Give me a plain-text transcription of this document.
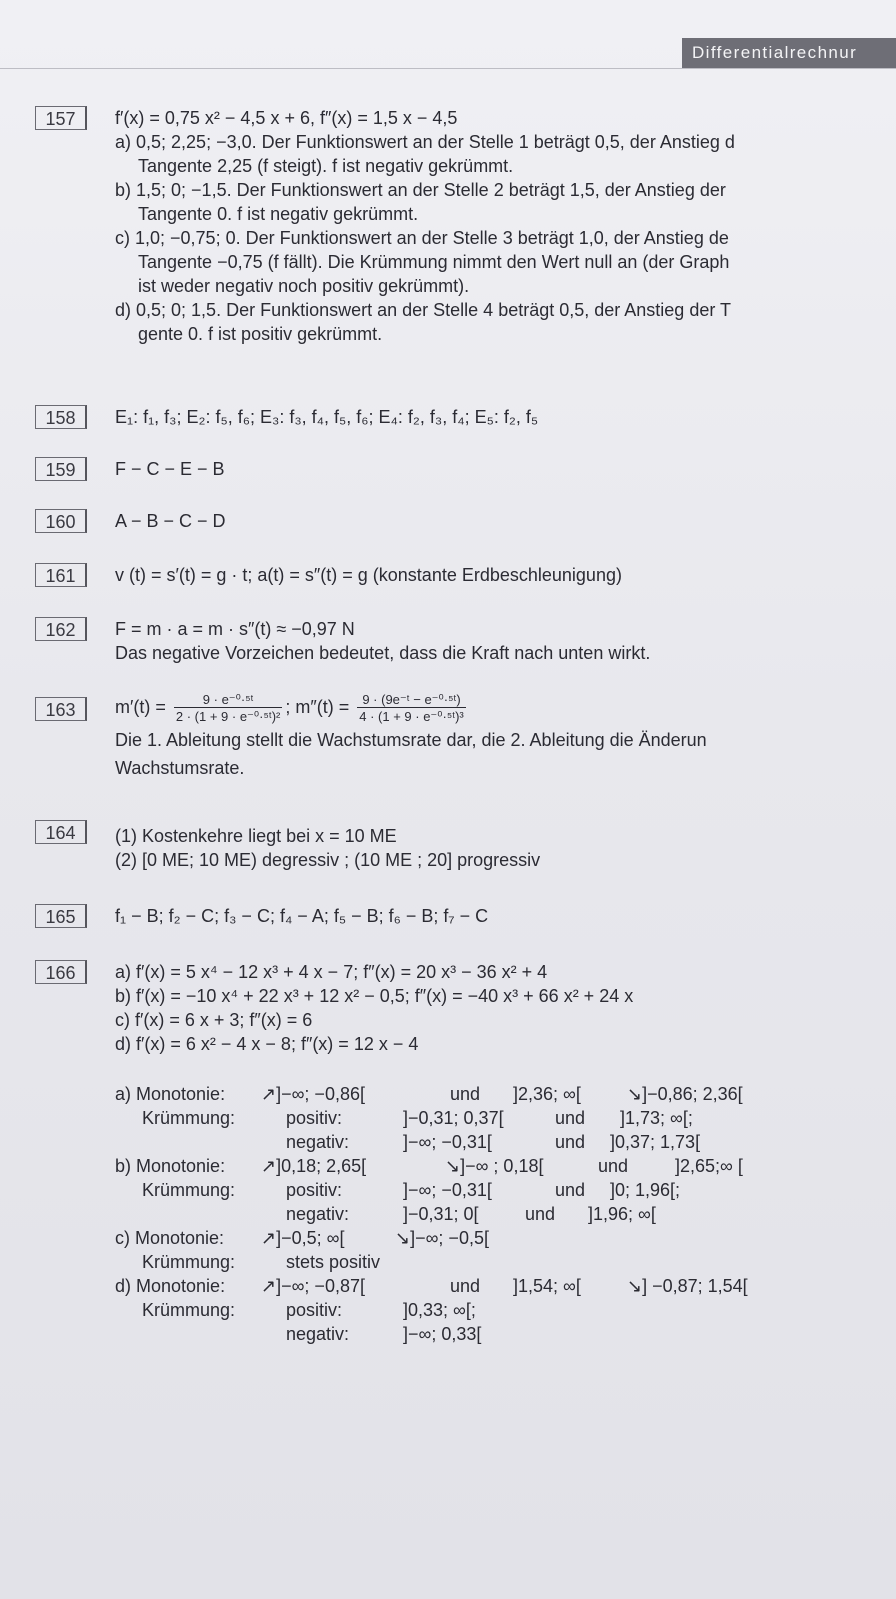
Differentialrechnur
157	f′(x) = 0,75 x² − 4,5 x + 6, f″(x) = 1,5 x − 4,5
a) 0,5; 2,25; −3,0. Der Funktionswert an der Stelle 1 beträgt 0,5, der Anstieg d
Tangente 2,25 (f steigt). f ist negativ gekrümmt.
b) 1,5; 0; −1,5. Der Funktionswert an der Stelle 2 beträgt 1,5, der Anstieg der
Tangente 0. f ist negativ gekrümmt.
c) 1,0; −0,75; 0. Der Funktionswert an der Stelle 3 beträgt 1,0, der Anstieg de
Tangente −0,75 (f fällt). Die Krümmung nimmt den Wert null an (der Graph
ist weder negativ noch positiv gekrümmt).
d) 0,5; 0; 1,5. Der Funktionswert an der Stelle 4 beträgt 0,5, der Anstieg der T
gente 0. f ist positiv gekrümmt.
158	E₁: f₁, f₃; E₂: f₅, f₆; E₃: f₃, f₄, f₅, f₆; E₄: f₂, f₃, f₄; E₅: f₂, f₅
159	F − C − E − B
160	A − B − C − D
161	v (t) = s′(t) = g · t; a(t) = s″(t) = g (konstante Erdbeschleunigung)
162	F = m · a = m · s″(t) ≈ −0,97 N
Das negative Vorzeichen bedeutet, dass die Kraft nach unten wirkt.
163	$m'(t) = \frac{\text{9 · e⁻⁰·⁵ᵗ}}{\text{2 · (1 + 9 · e⁻⁰·⁵ᵗ)²}}$ ; $m''(t) = \frac{\text{9 · (9e⁻ᵗ − e⁻⁰·⁵ᵗ)}}{\text{4 · (1 + 9 · e⁻⁰·⁵ᵗ)³}}$
Die 1. Ableitung stellt die Wachstumsrate dar, die 2. Ableitung die Änderun
Wachstumsrate.
164	(1) Kostenkehre liegt bei x = 10 ME
(2) [0 ME; 10 ME) degressiv ; (10 ME ; 20] progressiv
165	f₁ − B; f₂ − C; f₃ − C; f₄ − A; f₅ − B; f₆ − B; f₇ − C
166	a) f′(x) = 5 x⁴ − 12 x³ + 4 x − 7; f″(x) = 20 x³ − 36 x² + 4
b) f′(x) = −10 x⁴ + 22 x³ + 12 x² − 0,5; f″(x) = −40 x³ + 66 x² + 24 x
c) f′(x) = 6 x + 3; f″(x) = 6
d) f′(x) = 6 x² − 4 x − 8; f″(x) = 12 x − 4
a) Monotonie: ↗]−∞; −0,86[	und ]2,36; ∞[	↘]−0,86; 2,36[
Krümmung:	positiv:	]−0,31; 0,37[	und ]1,73; ∞[;
negativ:	]−∞; −0,31[	und ]0,37; 1,73[
b) Monotonie: ↗]0,18; 2,65[	↘]−∞ ; 0,18[	und	]2,65;∞ [
Krümmung:	positiv:	]−∞; −0,31[	und ]0; 1,96[;
negativ:	]−0,31; 0[	und ]1,96; ∞[
c) Monotonie: ↗]−0,5; ∞[	↘]−∞; −0,5[
Krümmung:	stets positiv
d) Monotonie: ↗]−∞; −0,87[	und ]1,54; ∞[	↘] −0,87; 1,54[
Krümmung:	positiv:	]0,33; ∞[;
negativ:	]−∞; 0,33[
